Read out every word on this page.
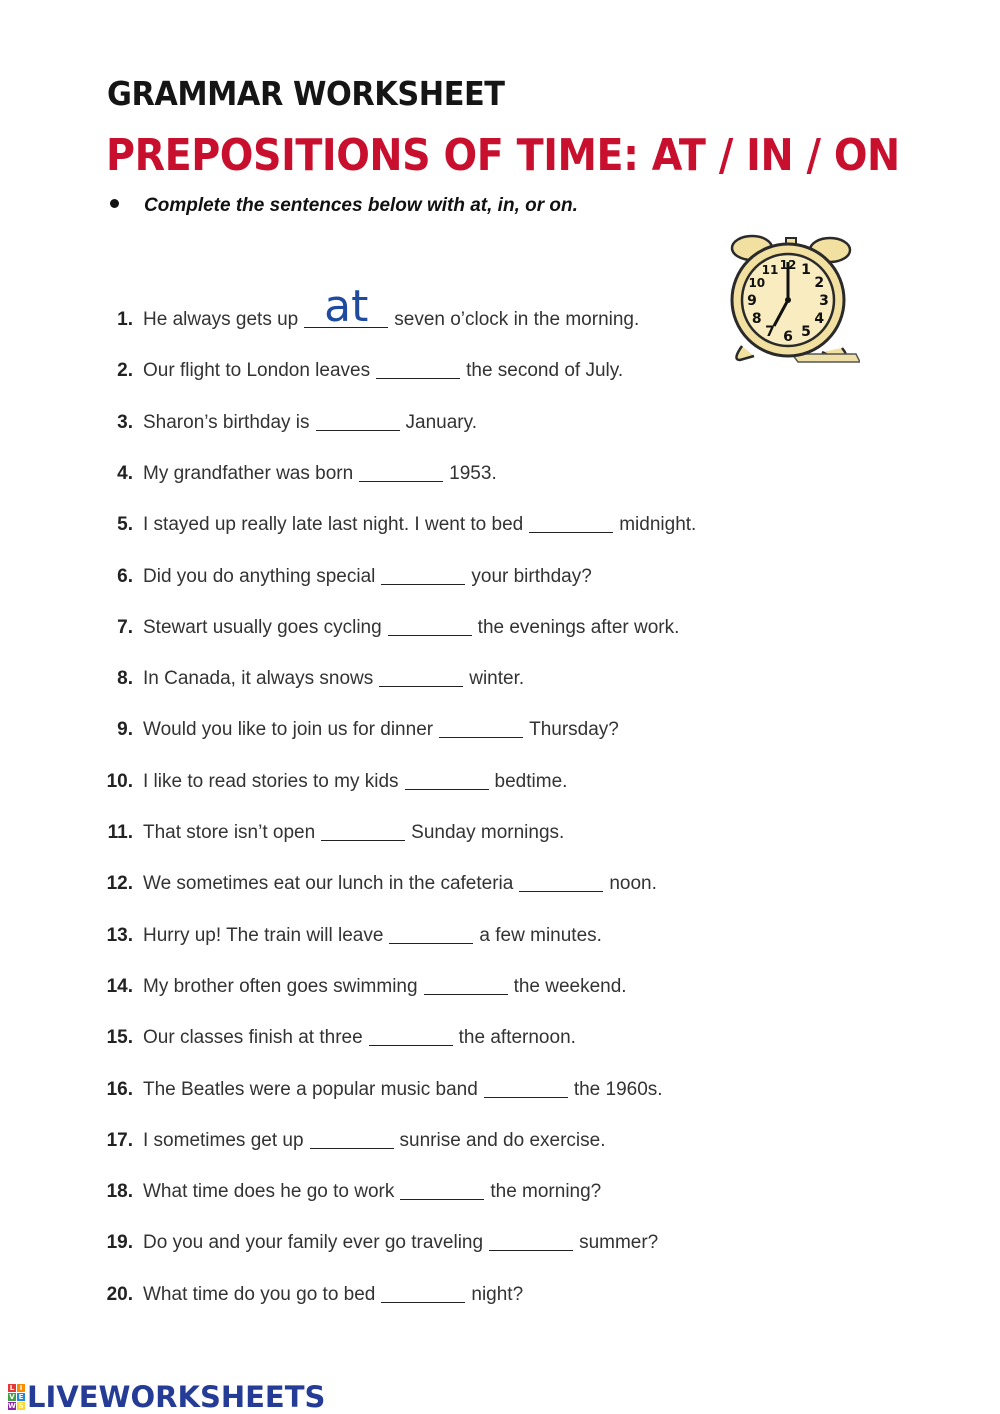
GRAMMAR WORKSHEET
PREPOSITIONS OF TIME: AT / IN / ON
Complete the sentences below with at, in, or on.
12 1
2
3
4
5
6
7
8
9
10
11
1. He always gets up at	seven o’clock in the morning.
2. Our flight to London leaves	the second of July.
3. Sharon’s birthday is	January.
4. My grandfather was born	1953.
5. I stayed up really late last night. I went to bed	midnight.
6. Did you do anything special	your birthday?
7. Stewart usually goes cycling	the evenings after work.
8. In Canada, it always snows	winter.
9. Would you like to join us for dinner	Thursday?
10. I like to read stories to my kids	bedtime.
11. That store isn’t open	Sunday mornings.
12. We sometimes eat our lunch in the cafeteria	noon.
13. Hurry up! The train will leave	a few minutes.
14. My brother often goes swimming	the weekend.
15. Our classes finish at three	the afternoon.
16. The Beatles were a popular music band	the 1960s.
17. I sometimes get up	sunrise and do exercise.
18. What time does he go to work	the morning?
19. Do you and your family ever go traveling	summer?
20. What time do you go to bed	night?
L I
V E
W S LIVEWORKSHEETS
